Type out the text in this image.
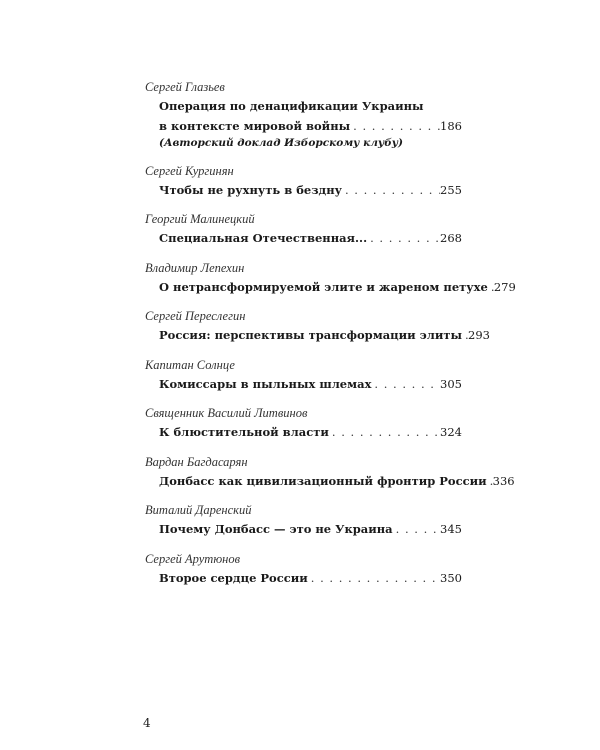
Сергей Глазьев
Операция по денацификации Украины
в контексте мировой войны . . .	186
(Авторский доклад Изборскому клубу)
Сергей Кургинян
Чтобы не рухнуть в бездну . . .	255
Георгий Малинецкий
Специальная Отечественная... . . .	268
Владимир Лепехин
О нетрансформируемой элите и жареном петухе . . . 279
Сергей Переслегин
Россия: перспективы трансформации элиты . . . 293
Капитан Солнце
Комиссары в пыльных шлемах . . .	305
Священник Василий Литвинов
К блюстительной власти . . .	324
Вардан Багдасарян
Донбасс как цивилизационный фронтир России . . . 336
Виталий Даренский
Почему Донбасс — это не Украина . . .	345
Сергей Арутюнов
Второе сердце России . . .	350
4
